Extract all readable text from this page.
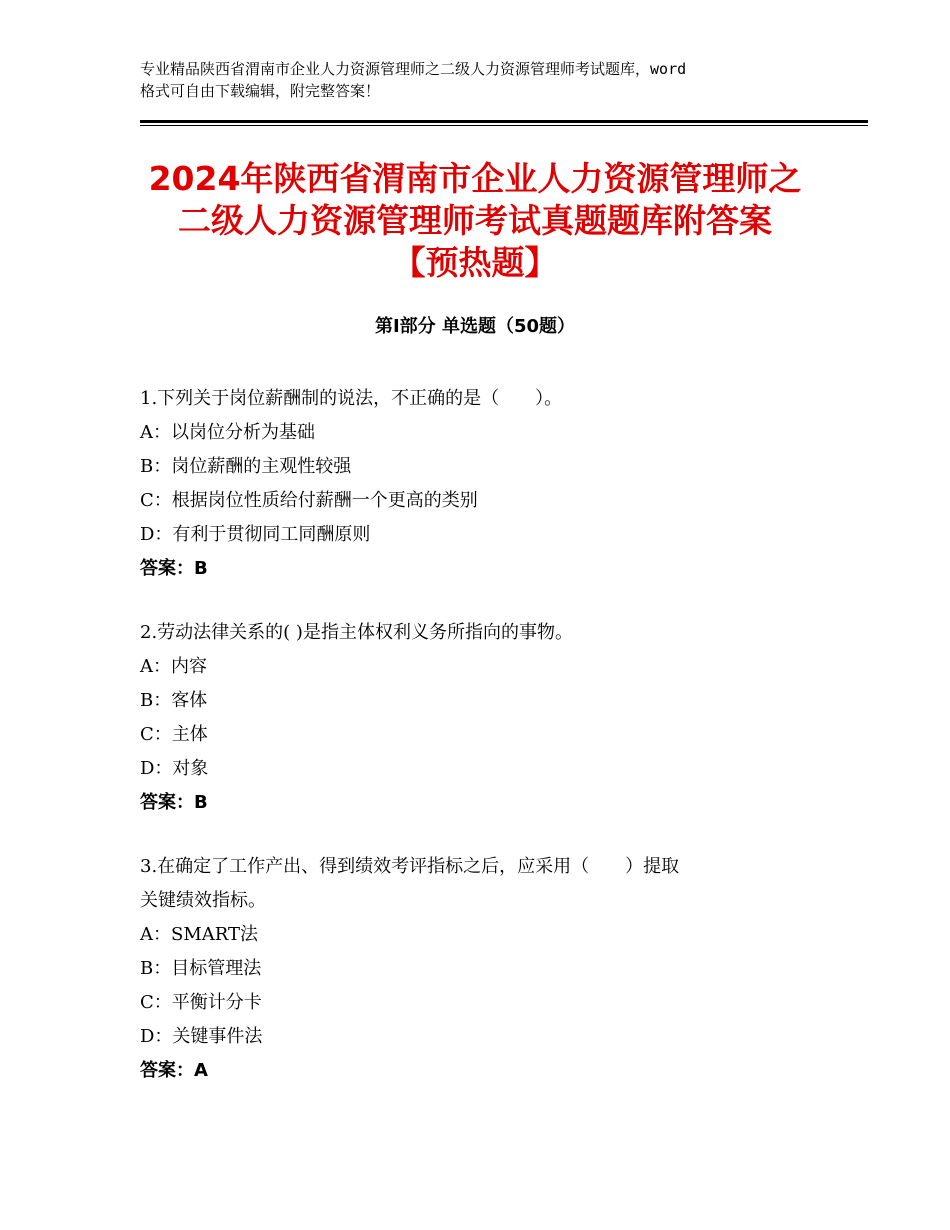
专业精品陕西省渭南市企业人力资源管理师之二级人力资源管理师考试题库，word
格式可自由下载编辑，附完整答案！
2024年陕西省渭南市企业人力资源管理师之
二级人力资源管理师考试真题题库附答案
【预热题】
第Ⅰ部分 单选题（50题）
1.下列关于岗位薪酬制的说法，不正确的是（　　）。
A：以岗位分析为基础
B：岗位薪酬的主观性较强
C：根据岗位性质给付薪酬一个更高的类别
D：有利于贯彻同工同酬原则
答案：B
2.劳动法律关系的( )是指主体权利义务所指向的事物。
A：内容
B：客体
C：主体
D：对象
答案：B
3.在确定了工作产出、得到绩效考评指标之后，应采用（　　）提取
关键绩效指标。
A：SMART法
B：目标管理法
C：平衡计分卡
D：关键事件法
答案：A
